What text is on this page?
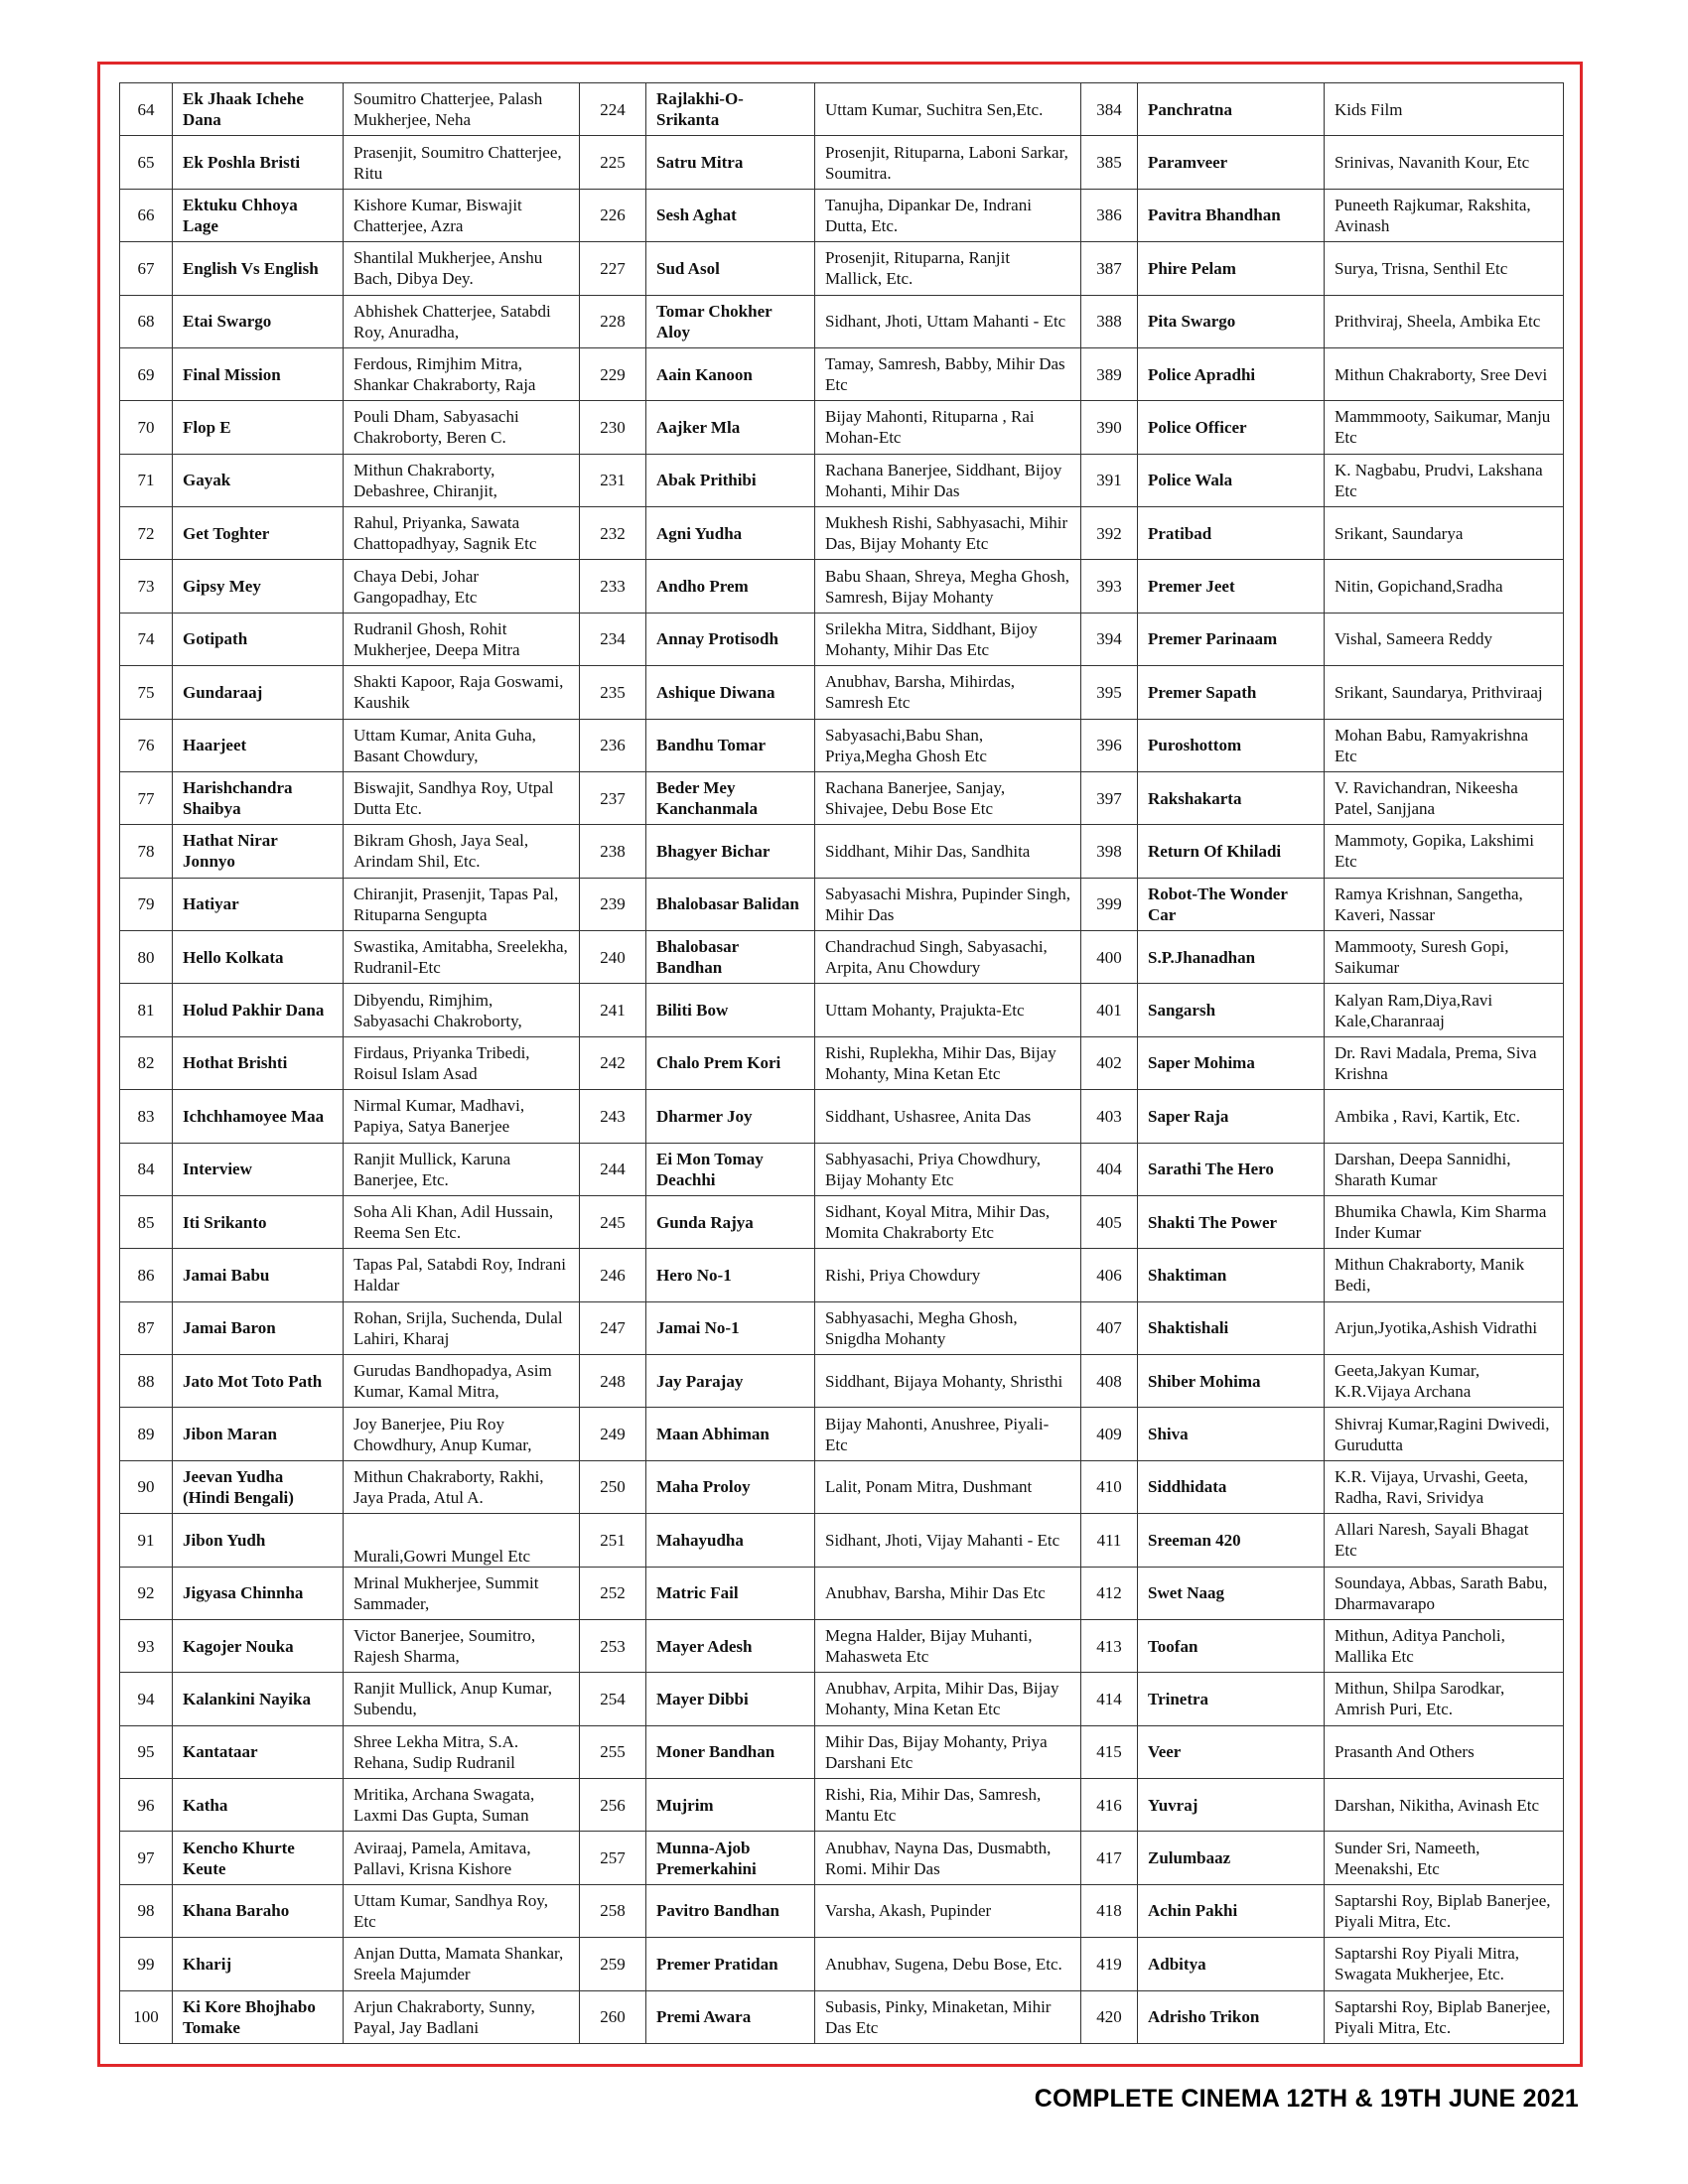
64	Ek Jhaak Ichehe Dana	Soumitro Chatterjee, Palash Mukherjee, Neha	224	Rajlakhi-O-Srikanta	Uttam Kumar, Suchitra Sen,Etc.	384	Panchratna	Kids Film
65	Ek Poshla Bristi	Prasenjit, Soumitro Chatterjee, Ritu	225	Satru Mitra	Prosenjit, Rituparna, Laboni Sarkar, Soumitra.	385	Paramveer	Srinivas, Navanith Kour, Etc
66	Ektuku Chhoya Lage	Kishore Kumar, Biswajit Chatterjee, Azra	226	Sesh Aghat	Tanujha, Dipankar De, Indrani Dutta, Etc.	386	Pavitra Bhandhan	Puneeth Rajkumar, Rakshita, Avinash
67	English Vs English	Shantilal Mukherjee, Anshu Bach, Dibya Dey.	227	Sud Asol	Prosenjit, Rituparna, Ranjit Mallick, Etc.	387	Phire Pelam	Surya, Trisna, Senthil Etc
68	Etai Swargo	Abhishek Chatterjee, Satabdi Roy, Anuradha,	228	Tomar Chokher Aloy	Sidhant, Jhoti, Uttam Mahanti - Etc	388	Pita Swargo	Prithviraj, Sheela, Ambika Etc
69	Final Mission	Ferdous, Rimjhim Mitra, Shankar Chakraborty, Raja	229	Aain Kanoon	Tamay, Samresh, Babby, Mihir Das Etc	389	Police Apradhi	Mithun Chakraborty, Sree Devi
70	Flop E	Pouli Dham, Sabyasachi Chakroborty, Beren C.	230	Aajker Mla	Bijay Mahonti, Rituparna , Rai Mohan-Etc	390	Police Officer	Mammmooty, Saikumar, Manju Etc
71	Gayak	Mithun Chakraborty, Debashree, Chiranjit,	231	Abak Prithibi	Rachana Banerjee, Siddhant, Bijoy Mohanti, Mihir Das	391	Police Wala	K. Nagbabu, Prudvi, Lakshana Etc
72	Get Toghter	Rahul, Priyanka, Sawata Chattopadhyay, Sagnik Etc	232	Agni Yudha	Mukhesh Rishi, Sabhyasachi, Mihir Das, Bijay Mohanty Etc	392	Pratibad	Srikant, Saundarya
73	Gipsy Mey	Chaya Debi, Johar Gangopadhay, Etc	233	Andho Prem	Babu Shaan, Shreya, Megha Ghosh, Samresh, Bijay Mohanty	393	Premer Jeet	Nitin, Gopichand,Sradha
74	Gotipath	Rudranil Ghosh, Rohit Mukherjee, Deepa Mitra	234	Annay Protisodh	Srilekha Mitra, Siddhant, Bijoy Mohanty, Mihir Das Etc	394	Premer Parinaam	Vishal, Sameera Reddy
75	Gundaraaj	Shakti Kapoor, Raja Goswami, Kaushik	235	Ashique Diwana	Anubhav, Barsha, Mihirdas, Samresh Etc	395	Premer Sapath	Srikant, Saundarya, Prithviraaj
76	Haarjeet	Uttam Kumar, Anita Guha, Basant Chowdury,	236	Bandhu Tomar	Sabyasachi,Babu Shan, Priya,Megha Ghosh Etc	396	Puroshottom	Mohan Babu, Ramyakrishna Etc
77	Harishchandra Shaibya	Biswajit, Sandhya Roy, Utpal Dutta Etc.	237	Beder Mey Kanchanmala	Rachana Banerjee, Sanjay, Shivajee, Debu Bose Etc	397	Rakshakarta	V. Ravichandran, Nikeesha Patel, Sanjjana
78	Hathat Nirar Jonnyo	Bikram Ghosh, Jaya Seal, Arindam Shil, Etc.	238	Bhagyer Bichar	Siddhant, Mihir Das, Sandhita	398	Return Of Khiladi	Mammoty, Gopika, Lakshimi Etc
79	Hatiyar	Chiranjit, Prasenjit, Tapas Pal, Rituparna Sengupta	239	Bhalobasar Balidan	Sabyasachi Mishra, Pupinder Singh, Mihir Das	399	Robot-The Wonder Car	Ramya Krishnan, Sangetha, Kaveri, Nassar
80	Hello Kolkata	Swastika, Amitabha, Sreelekha, Rudranil-Etc	240	Bhalobasar Bandhan	Chandrachud Singh, Sabyasachi, Arpita, Anu Chowdury	400	S.P.Jhanadhan	Mammooty, Suresh Gopi, Saikumar
81	Holud Pakhir Dana	Dibyendu, Rimjhim, Sabyasachi Chakroborty,	241	Biliti Bow	Uttam Mohanty, Prajukta-Etc	401	Sangarsh	Kalyan Ram,Diya,Ravi Kale,Charanraaj
82	Hothat Brishti	Firdaus, Priyanka Tribedi, Roisul Islam Asad	242	Chalo Prem Kori	Rishi, Ruplekha, Mihir Das, Bijay Mohanty, Mina Ketan Etc	402	Saper Mohima	Dr. Ravi Madala, Prema, Siva Krishna
83	Ichchhamoyee Maa	Nirmal Kumar, Madhavi, Papiya, Satya Banerjee	243	Dharmer Joy	Siddhant, Ushasree, Anita Das	403	Saper Raja	Ambika , Ravi, Kartik, Etc.
84	Interview	Ranjit Mullick, Karuna Banerjee, Etc.	244	Ei Mon Tomay Deachhi	Sabhyasachi, Priya Chowdhury, Bijay Mohanty Etc	404	Sarathi The Hero	Darshan, Deepa Sannidhi, Sharath Kumar
85	Iti Srikanto	Soha Ali Khan, Adil Hussain, Reema Sen Etc.	245	Gunda Rajya	Sidhant, Koyal Mitra, Mihir Das, Momita Chakraborty Etc	405	Shakti The Power	Bhumika Chawla, Kim Sharma Inder Kumar
86	Jamai Babu	Tapas Pal, Satabdi Roy, Indrani Haldar	246	Hero No-1	Rishi, Priya Chowdury	406	Shaktiman	Mithun Chakraborty, Manik Bedi,
87	Jamai Baron	Rohan, Srijla, Suchenda, Dulal Lahiri, Kharaj	247	Jamai No-1	Sabhyasachi, Megha Ghosh, Snigdha Mohanty	407	Shaktishali	Arjun,Jyotika,Ashish Vidrathi
88	Jato Mot Toto Path	Gurudas Bandhopadya, Asim Kumar, Kamal Mitra,	248	Jay Parajay	Siddhant, Bijaya Mohanty, Shristhi	408	Shiber Mohima	Geeta,Jakyan Kumar, K.R.Vijaya Archana
89	Jibon Maran	Joy Banerjee, Piu Roy Chowdhury, Anup Kumar,	249	Maan Abhiman	Bijay Mahonti, Anushree, Piyali-Etc	409	Shiva	Shivraj Kumar,Ragini Dwivedi, Gurudutta
90	Jeevan Yudha (Hindi Bengali)	Mithun Chakraborty, Rakhi, Jaya Prada, Atul A.	250	Maha Proloy	Lalit, Ponam Mitra, Dushmant	410	Siddhidata	K.R. Vijaya, Urvashi, Geeta, Radha, Ravi, Srividya
91	Jibon Yudh	Murali,Gowri Mungel Etc	251	Mahayudha	Sidhant, Jhoti, Vijay Mahanti - Etc	411	Sreeman 420	Allari Naresh, Sayali Bhagat Etc
92	Jigyasa Chinnha	Mrinal Mukherjee, Summit Sammader,	252	Matric Fail	Anubhav, Barsha, Mihir Das Etc	412	Swet Naag	Soundaya, Abbas, Sarath Babu, Dharmavarapo
93	Kagojer Nouka	Victor Banerjee, Soumitro, Rajesh Sharma,	253	Mayer Adesh	Megna Halder, Bijay Muhanti, Mahasweta Etc	413	Toofan	Mithun, Aditya Pancholi, Mallika Etc
94	Kalankini Nayika	Ranjit Mullick, Anup Kumar, Subendu,	254	Mayer Dibbi	Anubhav, Arpita, Mihir Das, Bijay Mohanty, Mina Ketan Etc	414	Trinetra	Mithun, Shilpa Sarodkar, Amrish Puri, Etc.
95	Kantataar	Shree Lekha Mitra, S.A. Rehana, Sudip Rudranil	255	Moner Bandhan	Mihir Das, Bijay Mohanty, Priya Darshani Etc	415	Veer	Prasanth And Others
96	Katha	Mritika, Archana Swagata, Laxmi Das Gupta, Suman	256	Mujrim	Rishi, Ria, Mihir Das, Samresh, Mantu Etc	416	Yuvraj	Darshan, Nikitha, Avinash Etc
97	Kencho Khurte Keute	Aviraaj, Pamela, Amitava, Pallavi, Krisna Kishore	257	Munna-Ajob Premerkahini	Anubhav, Nayna Das, Dusmabth, Romi. Mihir Das	417	Zulumbaaz	Sunder Sri, Nameeth, Meenakshi, Etc
98	Khana Baraho	Uttam Kumar, Sandhya Roy, Etc	258	Pavitro Bandhan	Varsha, Akash, Pupinder	418	Achin Pakhi	Saptarshi Roy, Biplab Banerjee, Piyali Mitra, Etc.
99	Kharij	Anjan Dutta, Mamata Shankar, Sreela Majumder	259	Premer Pratidan	Anubhav, Sugena, Debu Bose, Etc.	419	Adbitya	Saptarshi Roy Piyali Mitra, Swagata Mukherjee, Etc.
100	Ki Kore Bhojhabo Tomake	Arjun Chakraborty, Sunny, Payal, Jay Badlani	260	Premi Awara	Subasis, Pinky, Minaketan, Mihir Das Etc	420	Adrisho Trikon	Saptarshi Roy, Biplab Banerjee, Piyali Mitra, Etc.
COMPLETE CINEMA 12TH & 19TH JUNE 2021
